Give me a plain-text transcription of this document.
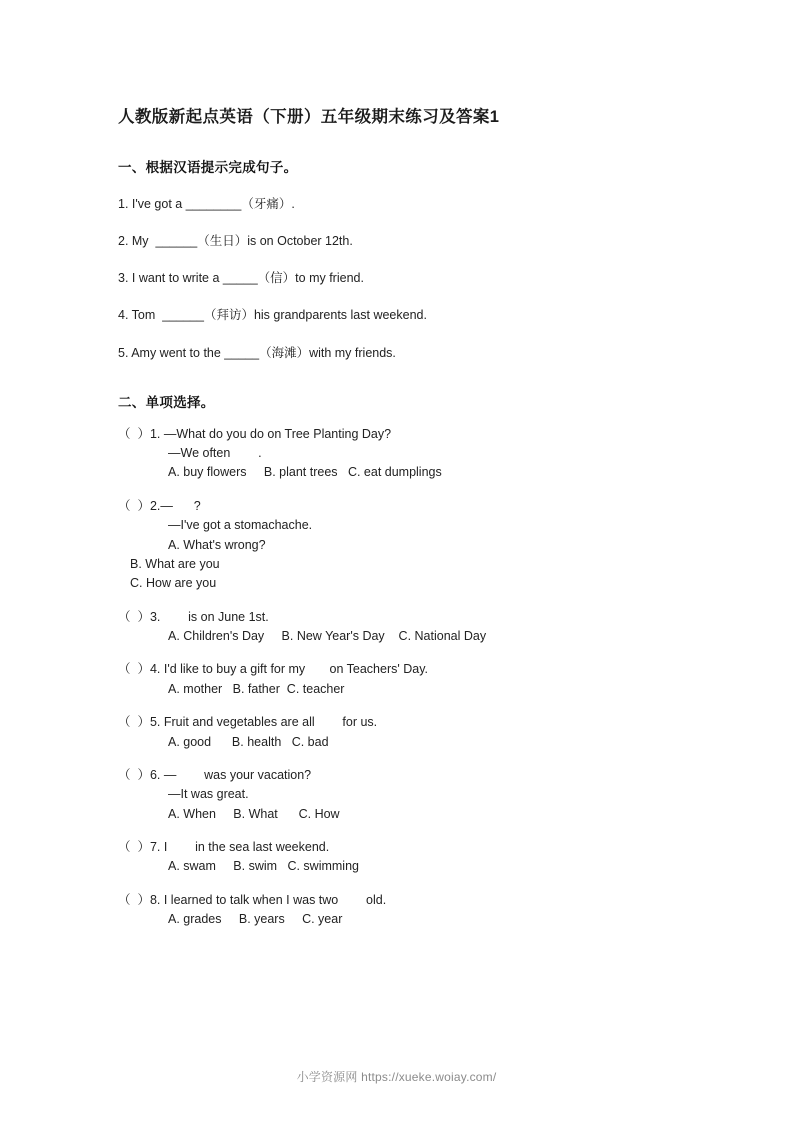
人教版新起点英语（下册）五年级期末练习及答案1
一、根据汉语提示完成句子。
1. I've got a ________（牙痛）.
2. My  ______（生日）is on October 12th.
3. I want to write a _____（信）to my friend.
4. Tom  ______（拜访）his grandparents last weekend.
5. Amy went to the _____（海滩）with my friends.
二、单项选择。
（  ）1. —What do you do on Tree Planting Day?
—We often        .
A. buy flowers     B. plant trees   C. eat dumplings
（  ）2.—      ?
—I've got a stomachache.
A. What's wrong?
B. What are you
C. How are you
（  ）3.        is on June 1st.
A. Children's Day     B. New Year's Day    C. National Day
（  ）4. I'd like to buy a gift for my       on Teachers' Day.
A. mother   B. father  C. teacher
（  ）5. Fruit and vegetables are all        for us.
A. good      B. health   C. bad
（  ）6. —        was your vacation?
—It was great.
A. When     B. What      C. How
（  ）7. I        in the sea last weekend.
A. swam     B. swim   C. swimming
（  ）8. I learned to talk when I was two        old.
A. grades     B. years     C. year
小学资源网 https://xueke.woiay.com/
